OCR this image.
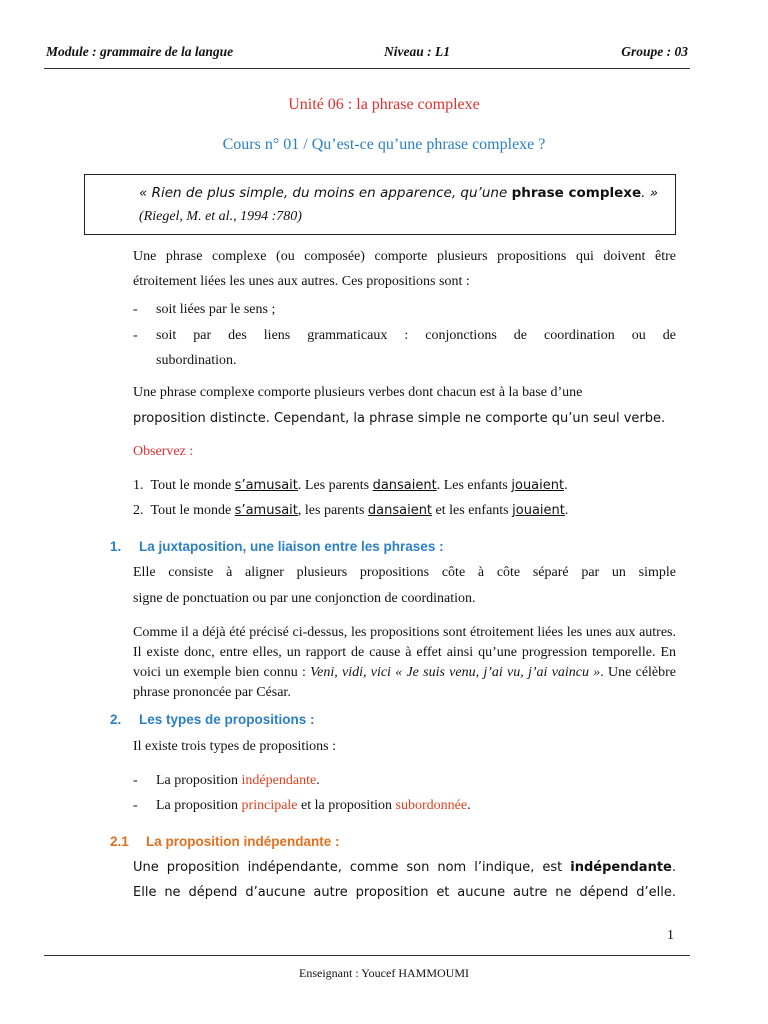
Module : grammaire de la langue	Niveau : L1	Groupe : 03
Unité 06 : la phrase complexe
Cours n° 01 / Qu’est-ce qu’une phrase complexe ?

« Rien de plus simple, du moins en apparence, qu’une phrase complexe. »

(Riegel, M. et al., 1994 :780)

Une phrase complexe (ou composée) comporte plusieurs propositions qui doivent être étroitement liées les unes aux autres. Ces propositions sont :

- soit liées par le sens ;
- soit par des liens grammaticaux : conjonctions de coordination ou de
subordination.
Une phrase complexe comporte plusieurs verbes dont chacun est à la base d’une
proposition distincte. Cependant, la phrase simple ne comporte qu’un seul verbe.
Observez :
1. Tout le monde s’amusait. Les parents dansaient. Les enfants jouaient.
2. Tout le monde s’amusait, les parents dansaient et les enfants jouaient.
1. La juxtaposition, une liaison entre les phrases :
Elle consiste à aligner plusieurs propositions côte à côte séparé par un simple
signe de ponctuation ou par une conjonction de coordination.

Comme il a déjà été précisé ci-dessus, les propositions sont étroitement liées les unes aux autres. Il existe donc, entre elles, un rapport de cause à effet ainsi qu’une progression temporelle. En voici un exemple bien connu : Veni, vidi, vici « Je suis venu, j’ai vu, j’ai vaincu ». Une célèbre phrase prononcée par César.

2. Les types de propositions :
Il existe trois types de propositions :
- La proposition indépendante.
- La proposition principale et la proposition subordonnée.
2.1 La proposition indépendante :
Une proposition indépendante, comme son nom l’indique, est indépendante.
Elle ne dépend d’aucune autre proposition et aucune autre ne dépend d’elle.
1
Enseignant : Youcef HAMMOUMI
